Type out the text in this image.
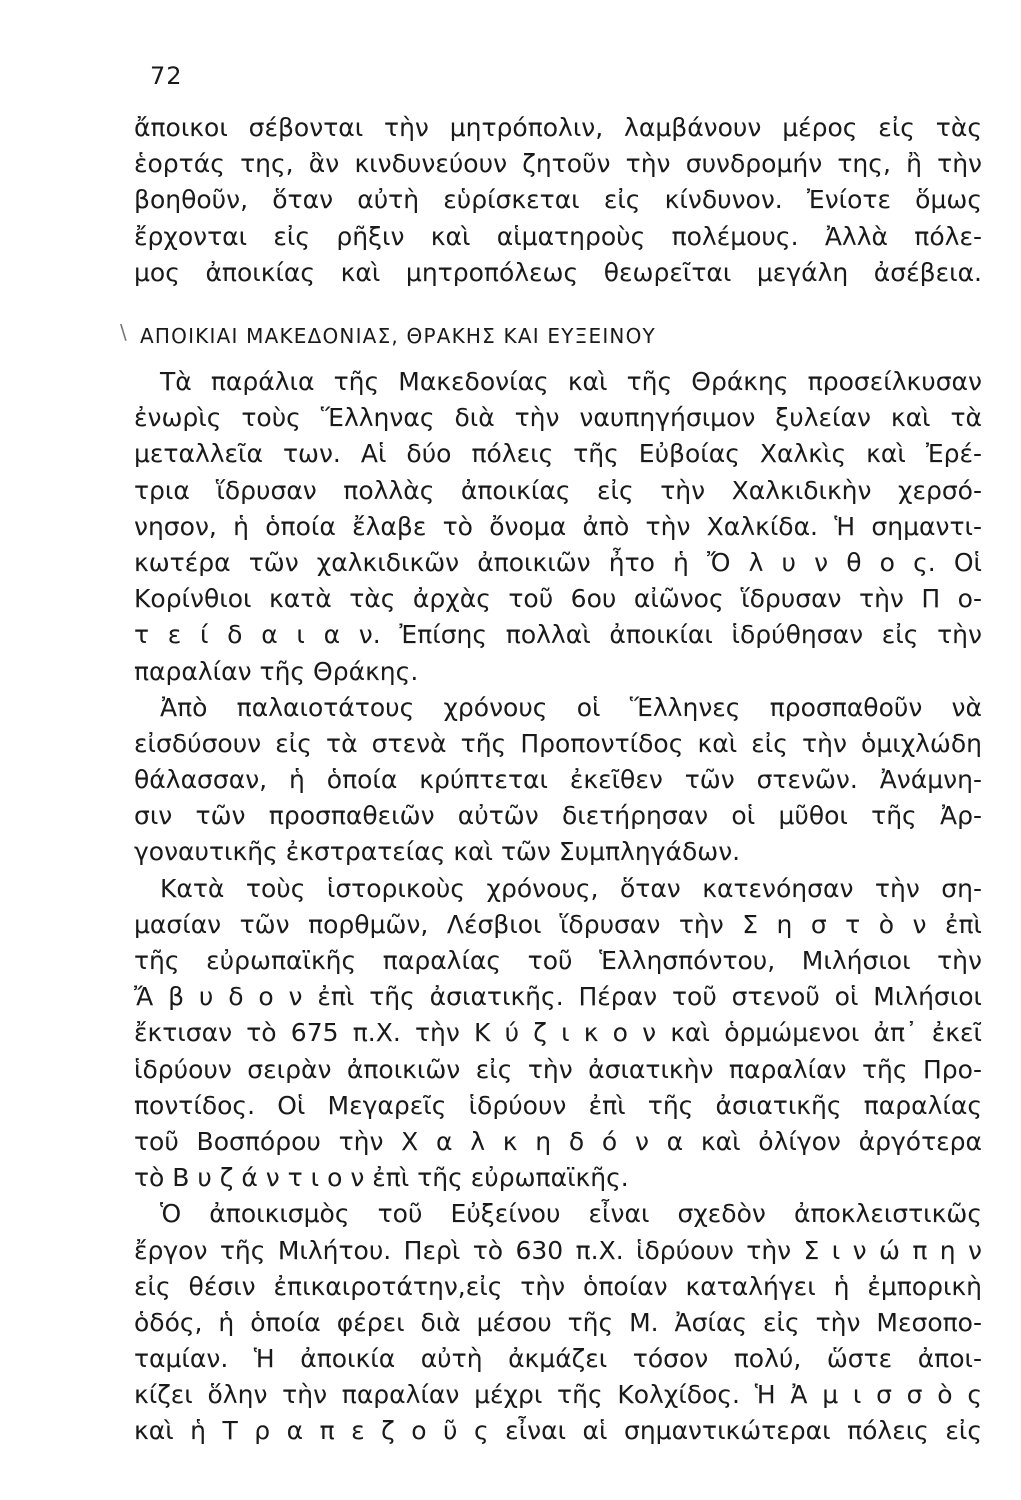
72
ἄποικοι σέβονται τὴν μητρόπολιν, λαμβάνουν μέρος εἰς τὰς
ἑορτάς της, ἂν κινδυνεύουν ζητοῦν τὴν συνδρομήν της, ἢ τὴν
βοηθοῦν, ὅταν αὐτὴ εὑρίσκεται εἰς κίνδυνον. Ἐνίοτε ὅμως
ἔρχονται εἰς ρῆξιν καὶ αἱματηροὺς πολέμους. Ἀλλὰ πόλε-
μος ἀποικίας καὶ μητροπόλεως θεωρεῖται μεγάλη ἀσέβεια.
\ ΑΠΟΙΚΙΑΙ ΜΑΚΕΔΟΝΙΑΣ, ΘΡΑΚΗΣ ΚΑΙ ΕΥΞΕΙΝΟΥ
Τὰ παράλια τῆς Μακεδονίας καὶ τῆς Θράκης προσείλκυσαν
ἐνωρὶς τοὺς Ἕλληνας διὰ τὴν ναυπηγήσιμον ξυλείαν καὶ τὰ
μεταλλεῖα των. Αἱ δύο πόλεις τῆς Εὐβοίας Χαλκὶς καὶ Ἐρέ-
τρια ἵδρυσαν πολλὰς ἀποικίας εἰς τὴν Χαλκιδικὴν χερσό-
νησον, ἡ ὁποία ἔλαβε τὸ ὄνομα ἀπὸ τὴν Χαλκίδα. Ἡ σημαντι-
κωτέρα τῶν χαλκιδικῶν ἀποικιῶν ἦτο ἡ Ὄ λ υ ν θ ο ς. Οἱ
Κορίνθιοι κατὰ τὰς ἀρχὰς τοῦ 6ου αἰῶνος ἵδρυσαν τὴν Π ο-
τ ε ί δ α ι α ν. Ἐπίσης πολλαὶ ἀποικίαι ἱδρύθησαν εἰς τὴν
παραλίαν τῆς Θράκης.
Ἀπὸ παλαιοτάτους χρόνους οἱ Ἕλληνες προσπαθοῦν νὰ
εἰσδύσουν εἰς τὰ στενὰ τῆς Προποντίδος καὶ εἰς τὴν ὁμιχλώδη
θάλασσαν, ἡ ὁποία κρύπτεται ἐκεῖθεν τῶν στενῶν. Ἀνάμνη-
σιν τῶν προσπαθειῶν αὐτῶν διετήρησαν οἱ μῦθοι τῆς Ἀρ-
γοναυτικῆς ἐκστρατείας καὶ τῶν Συμπληγάδων.
Κατὰ τοὺς ἱστορικοὺς χρόνους, ὅταν κατενόησαν τὴν ση-
μασίαν τῶν πορθμῶν, Λέσβιοι ἵδρυσαν τὴν Σ η σ τ ὸ ν ἐπὶ
τῆς εὐρωπαϊκῆς παραλίας τοῦ Ἑλλησπόντου, Μιλήσιοι τὴν
Ἄ β υ δ ο ν ἐπὶ τῆς ἀσιατικῆς. Πέραν τοῦ στενοῦ οἱ Μιλήσιοι
ἔκτισαν τὸ 675 π.Χ. τὴν Κ ύ ζ ι κ ο ν καὶ ὁρμώμενοι ἀπ᾽ ἐκεῖ
ἱδρύουν σειρὰν ἀποικιῶν εἰς τὴν ἀσιατικὴν παραλίαν τῆς Προ-
ποντίδος. Οἱ Μεγαρεῖς ἱδρύουν ἐπὶ τῆς ἀσιατικῆς παραλίας
τοῦ Βοσπόρου τὴν Χ α λ κ η δ ό ν α καὶ ὀλίγον ἀργότερα
τὸ Β υ ζ ά ν τ ι ο ν ἐπὶ τῆς εὐρωπαϊκῆς.
Ὁ ἀποικισμὸς τοῦ Εὐξείνου εἶναι σχεδὸν ἀποκλειστικῶς
ἔργον τῆς Μιλήτου. Περὶ τὸ 630 π.Χ. ἱδρύουν τὴν Σ ι ν ώ π η ν
εἰς θέσιν ἐπικαιροτάτην,εἰς τὴν ὁποίαν καταλήγει ἡ ἐμπορικὴ
ὁδός, ἡ ὁποία φέρει διὰ μέσου τῆς Μ. Ἀσίας εἰς τὴν Μεσοπο-
ταμίαν. Ἡ ἀποικία αὐτὴ ἀκμάζει τόσον πολύ, ὥστε ἀποι-
κίζει ὅλην τὴν παραλίαν μέχρι τῆς Κολχίδος. Ἡ Ἀ μ ι σ σ ὸ ς
καὶ ἡ Τ ρ α π ε ζ ο ῦ ς εἶναι αἱ σημαντικώτεραι πόλεις εἰς
